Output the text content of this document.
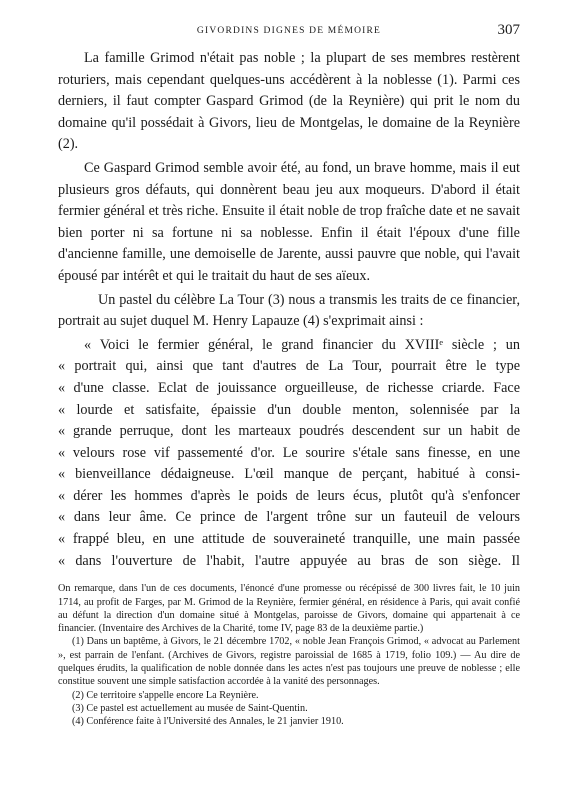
GIVORDINS DIGNES DE MÉMOIRE	307

La famille Grimod n'était pas noble ; la plupart de ses membres restèrent roturiers, mais cependant quelques-uns accédèrent à la noblesse (1). Parmi ces derniers, il faut compter Gaspard Grimod (de la Reynière) qui prit le nom du domaine qu'il possédait à Givors, lieu de Montgelas, le domaine de la Reynière (2).

Ce Gaspard Grimod semble avoir été, au fond, un brave homme, mais il eut plusieurs gros défauts, qui donnèrent beau jeu aux moqueurs. D'abord il était fermier général et très riche. Ensuite il était noble de trop fraîche date et ne savait bien porter ni sa fortune ni sa noblesse. Enfin il était l'époux d'une fille d'ancienne famille, une demoiselle de Jarente, aussi pauvre que noble, qui l'avait épousé par intérêt et qui le traitait du haut de ses aïeux.

Un pastel du célèbre La Tour (3) nous a transmis les traits de ce financier, portrait au sujet duquel M. Henry Lapauze (4) s'exprimait ainsi :

« Voici le fermier général, le grand financier du XVIIIᵉ siècle ; un
« portrait qui, ainsi que tant d'autres de La Tour, pourrait être le type
« d'une classe. Eclat de jouissance orgueilleuse, de richesse criarde. Face
« lourde et satisfaite, épaissie d'un double menton, solennisée par la
« grande perruque, dont les marteaux poudrés descendent sur un habit de
« velours rose vif passementé d'or. Le sourire s'étale sans finesse, en une
« bienveillance dédaigneuse. L'œil manque de perçant, habitué à consi-
« dérer les hommes d'après le poids de leurs écus, plutôt qu'à s'enfoncer
« dans leur âme. Ce prince de l'argent trône sur un fauteuil de velours
« frappé bleu, en une attitude de souveraineté tranquille, une main passée
« dans l'ouverture de l'habit, l'autre appuyée au bras de son siège. Il

On remarque, dans l'un de ces documents, l'énoncé d'une promesse ou récépissé de 300 livres fait, le 10 juin 1714, au profit de Farges, par M. Grimod de la Reynière, fermier général, en résidence à Paris, qui avait confié au défunt la direction d'un domaine situé à Montgelas, paroisse de Givors, domaine qui appartenait à ce financier. (Inventaire des Archives de la Charité, tome IV, page 83 de la deuxième partie.)

(1) Dans un baptême, à Givors, le 21 décembre 1702, « noble Jean François Grimod, « advocat au Parlement », est parrain de l'enfant. (Archives de Givors, registre paroissial de 1685 à 1719, folio 109.) — Au dire de quelques érudits, la qualification de noble donnée dans les actes n'est pas toujours une preuve de noblesse ; elle constitue souvent une simple satisfaction accordée à la vanité des personnages.

(2) Ce territoire s'appelle encore La Reynière.

(3) Ce pastel est actuellement au musée de Saint-Quentin.

(4) Conférence faite à l'Université des Annales, le 21 janvier 1910.
